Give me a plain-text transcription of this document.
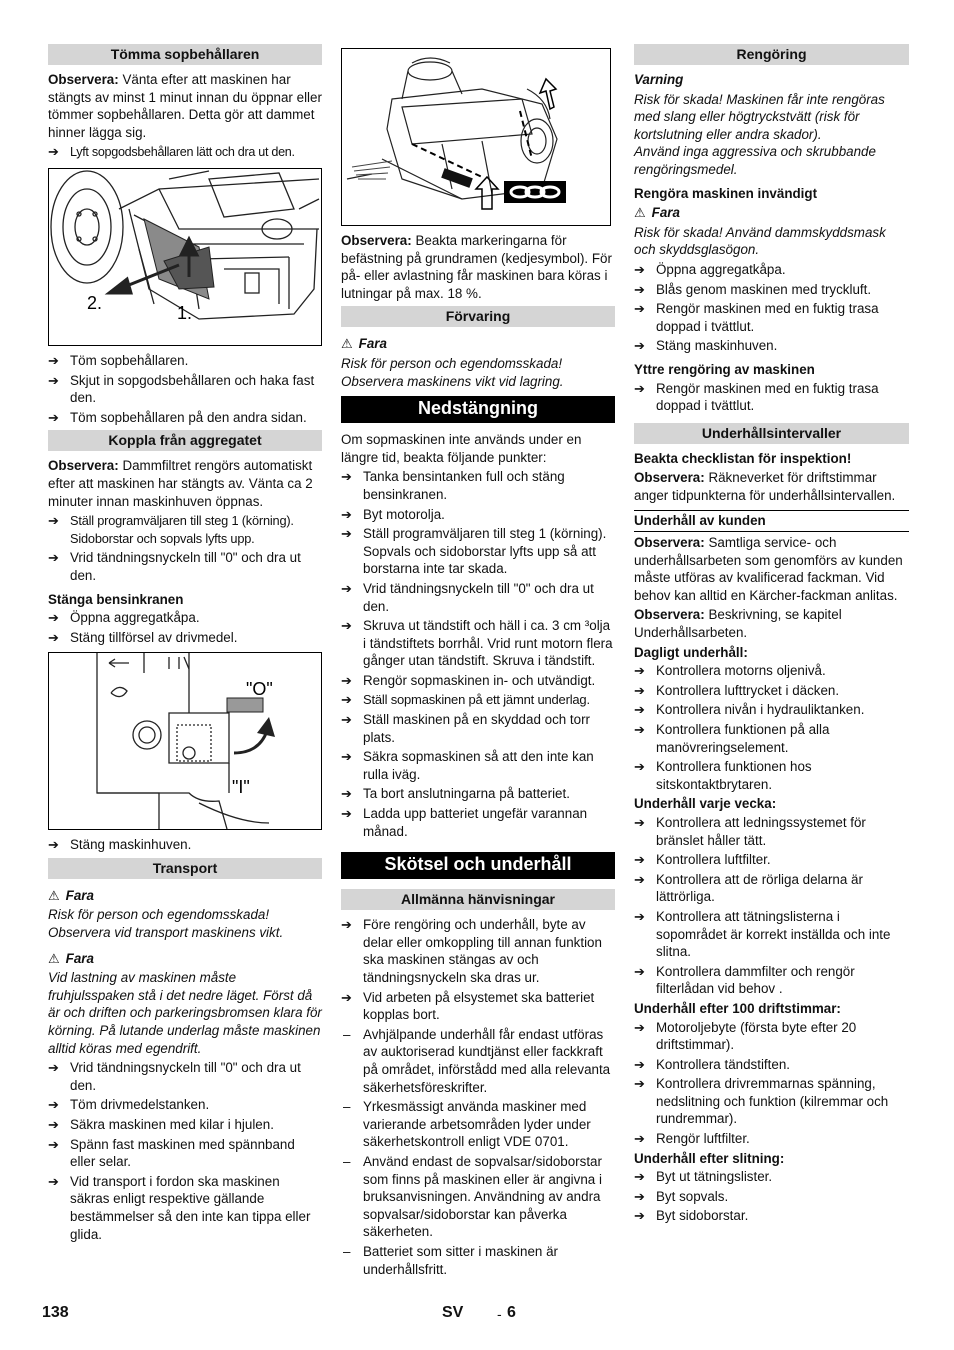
Tömma sopbehållaren

Observera: Vänta efter att maskinen har stängts av minst 1 minut innan du öppnar eller tömmer sopbehållaren. Detta gör att dammet hinner lägga sig.

➔ Lyft sopgodsbehållaren lätt och dra ut den.
2.	1.
➔ Töm sopbehållaren.
➔ Skjut in sopgodsbehållaren och haka fast den.
➔ Töm sopbehållaren på den andra sidan.
Koppla från aggregatet

Observera: Dammfiltret rengörs automatiskt efter att maskinen har stängts av. Vänta ca 2 minuter innan maskinhuven öppnas.

➔ Ställ programväljaren till steg 1 (körning). Sidoborstar och sopvals lyfts upp.
➔ Vrid tändningsnyckeln till "0" och dra ut den.
Stänga bensinkranen
➔ Öppna aggregatkåpa.
➔ Stäng tillförsel av drivmedel.
"O"
"I"
➔ Stäng maskinhuven.
Transport
⚠ Fara

Risk för person och egendomsskada! Observera vid transport maskinens vikt.

⚠ Fara

Vid lastning av maskinen måste fruhjulsspaken stå i det nedre läget. Först då är och driften och parkeringsbromsen klara för körning. På lutande underlag måste maskinen alltid köras med egendrift.

➔ Vrid tändningsnyckeln till "0" och dra ut den.
➔ Töm drivmedelstanken.
➔ Säkra maskinen med kilar i hjulen.
➔ Spänn fast maskinen med spännband eller selar.
➔ Vid transport i fordon ska maskinen säkras enligt respektive gällande bestämmelser så den inte kan tippa eller glida.

Observera: Beakta markeringarna för befästning på grundramen (kedjesymbol). För på- eller avlastning får maskinen bara köras i lutningar på max. 18 %.

Förvaring
⚠ Fara

Risk för person och egendomsskada! Observera maskinens vikt vid lagring.

Nedstängning

Om sopmaskinen inte används under en längre tid, beakta följande punkter:

➔ Tanka bensintanken full och stäng bensinkranen.
➔ Byt motorolja.
➔ Ställ programväljaren till steg 1 (körning). Sopvals och sidoborstar lyfts upp så att borstarna inte tar skada.
➔ Vrid tändningsnyckeln till "0" och dra ut den.
➔ Skruva ut tändstift och häll i ca. 3 cm ³olja i tändstiftets borrhål. Vrid runt motorn flera gånger utan tändstift. Skruva i tändstift.
➔ Rengör sopmaskinen in- och utvändigt.
➔ Ställ sopmaskinen på ett jämnt underlag.
➔ Ställ maskinen på en skyddad och torr plats.
➔ Säkra sopmaskinen så att den inte kan rulla iväg.
➔ Ta bort anslutningarna på batteriet.
➔ Ladda upp batteriet ungefär varannan månad.
Skötsel och underhåll
Allmänna hänvisningar
➔ Före rengöring och underhåll, byte av delar eller omkoppling till annan funktion ska maskinen stängas av och tändningsnyckeln ska dras ur.
➔ Vid arbeten på elsystemet ska batteriet kopplas bort.
– Avhjälpande underhåll får endast utföras av auktoriserad kundtjänst eller fackkraft på området, införstådd med alla relevanta säkerhetsföreskrifter.
– Yrkesmässigt använda maskiner med varierande arbetsområden lyder under säkerhetskontroll enligt VDE 0701.
– Använd endast de sopvalsar/sidoborstar som finns på maskinen eller är angivna i bruksanvisningen. Användning av andra sopvalsar/sidoborstar kan påverka säkerheten.
– Batteriet som sitter i maskinen är underhållsfritt.
Rengöring
Varning

Risk för skada! Maskinen får inte rengöras med slang eller högtryckstvätt (risk för kortslutning eller andra skador).
Använd inga aggressiva och skrubbande rengöringsmedel.

Rengöra maskinen invändigt
⚠ Fara

Risk för skada! Använd dammskyddsmask och skyddsglasögon.

➔ Öppna aggregatkåpa.
➔ Blås genom maskinen med tryckluft.
➔ Rengör maskinen med en fuktig trasa doppad i tvättlut.
➔ Stäng maskinhuven.
Yttre rengöring av maskinen
➔ Rengör maskinen med en fuktig trasa doppad i tvättlut.
Underhållsintervaller

Beakta checklistan för inspektion!

Observera: Räkneverket för driftstimmar anger tidpunkterna för underhållsintervallen.

Underhåll av kunden

Observera: Samtliga service- och underhållsarbeten som genomförs av kunden måste utföras av kvalificerad fackman. Vid behov kan alltid en Kärcher-fackman anlitas.

Observera: Beskrivning, se kapitel Underhållsarbeten.

Dagligt underhåll:
➔ Kontrollera motorns oljenivå.
➔ Kontrollera lufttrycket i däcken.
➔ Kontrollera nivån i hydrauliktanken.
➔ Kontrollera funktionen på alla manövreringselement.
➔ Kontrollera funktionen hos sitskontaktbrytaren.
Underhåll varje vecka:
➔ Kontrollera att ledningssystemet för bränslet håller tätt.
➔ Kontrollera luftfilter.
➔ Kontrollera att de rörliga delarna är lättrörliga.
➔ Kontrollera att tätningslisterna i sopområdet är korrekt inställda och inte slitna.
➔ Kontrollera dammfilter och rengör filterlådan vid behov .
Underhåll efter 100 driftstimmar:
➔ Motoroljebyte (första byte efter 20 driftstimmar).
➔ Kontrollera tändstiften.
➔ Kontrollera drivremmarnas spänning, nedslitning och funktion (kilremmar och rundremmar).
➔ Rengör luftfilter.
Underhåll efter slitning:
➔ Byt ut tätningslister.
➔ Byt sopvals.
➔ Byt sidoborstar.
138	SV - 6
